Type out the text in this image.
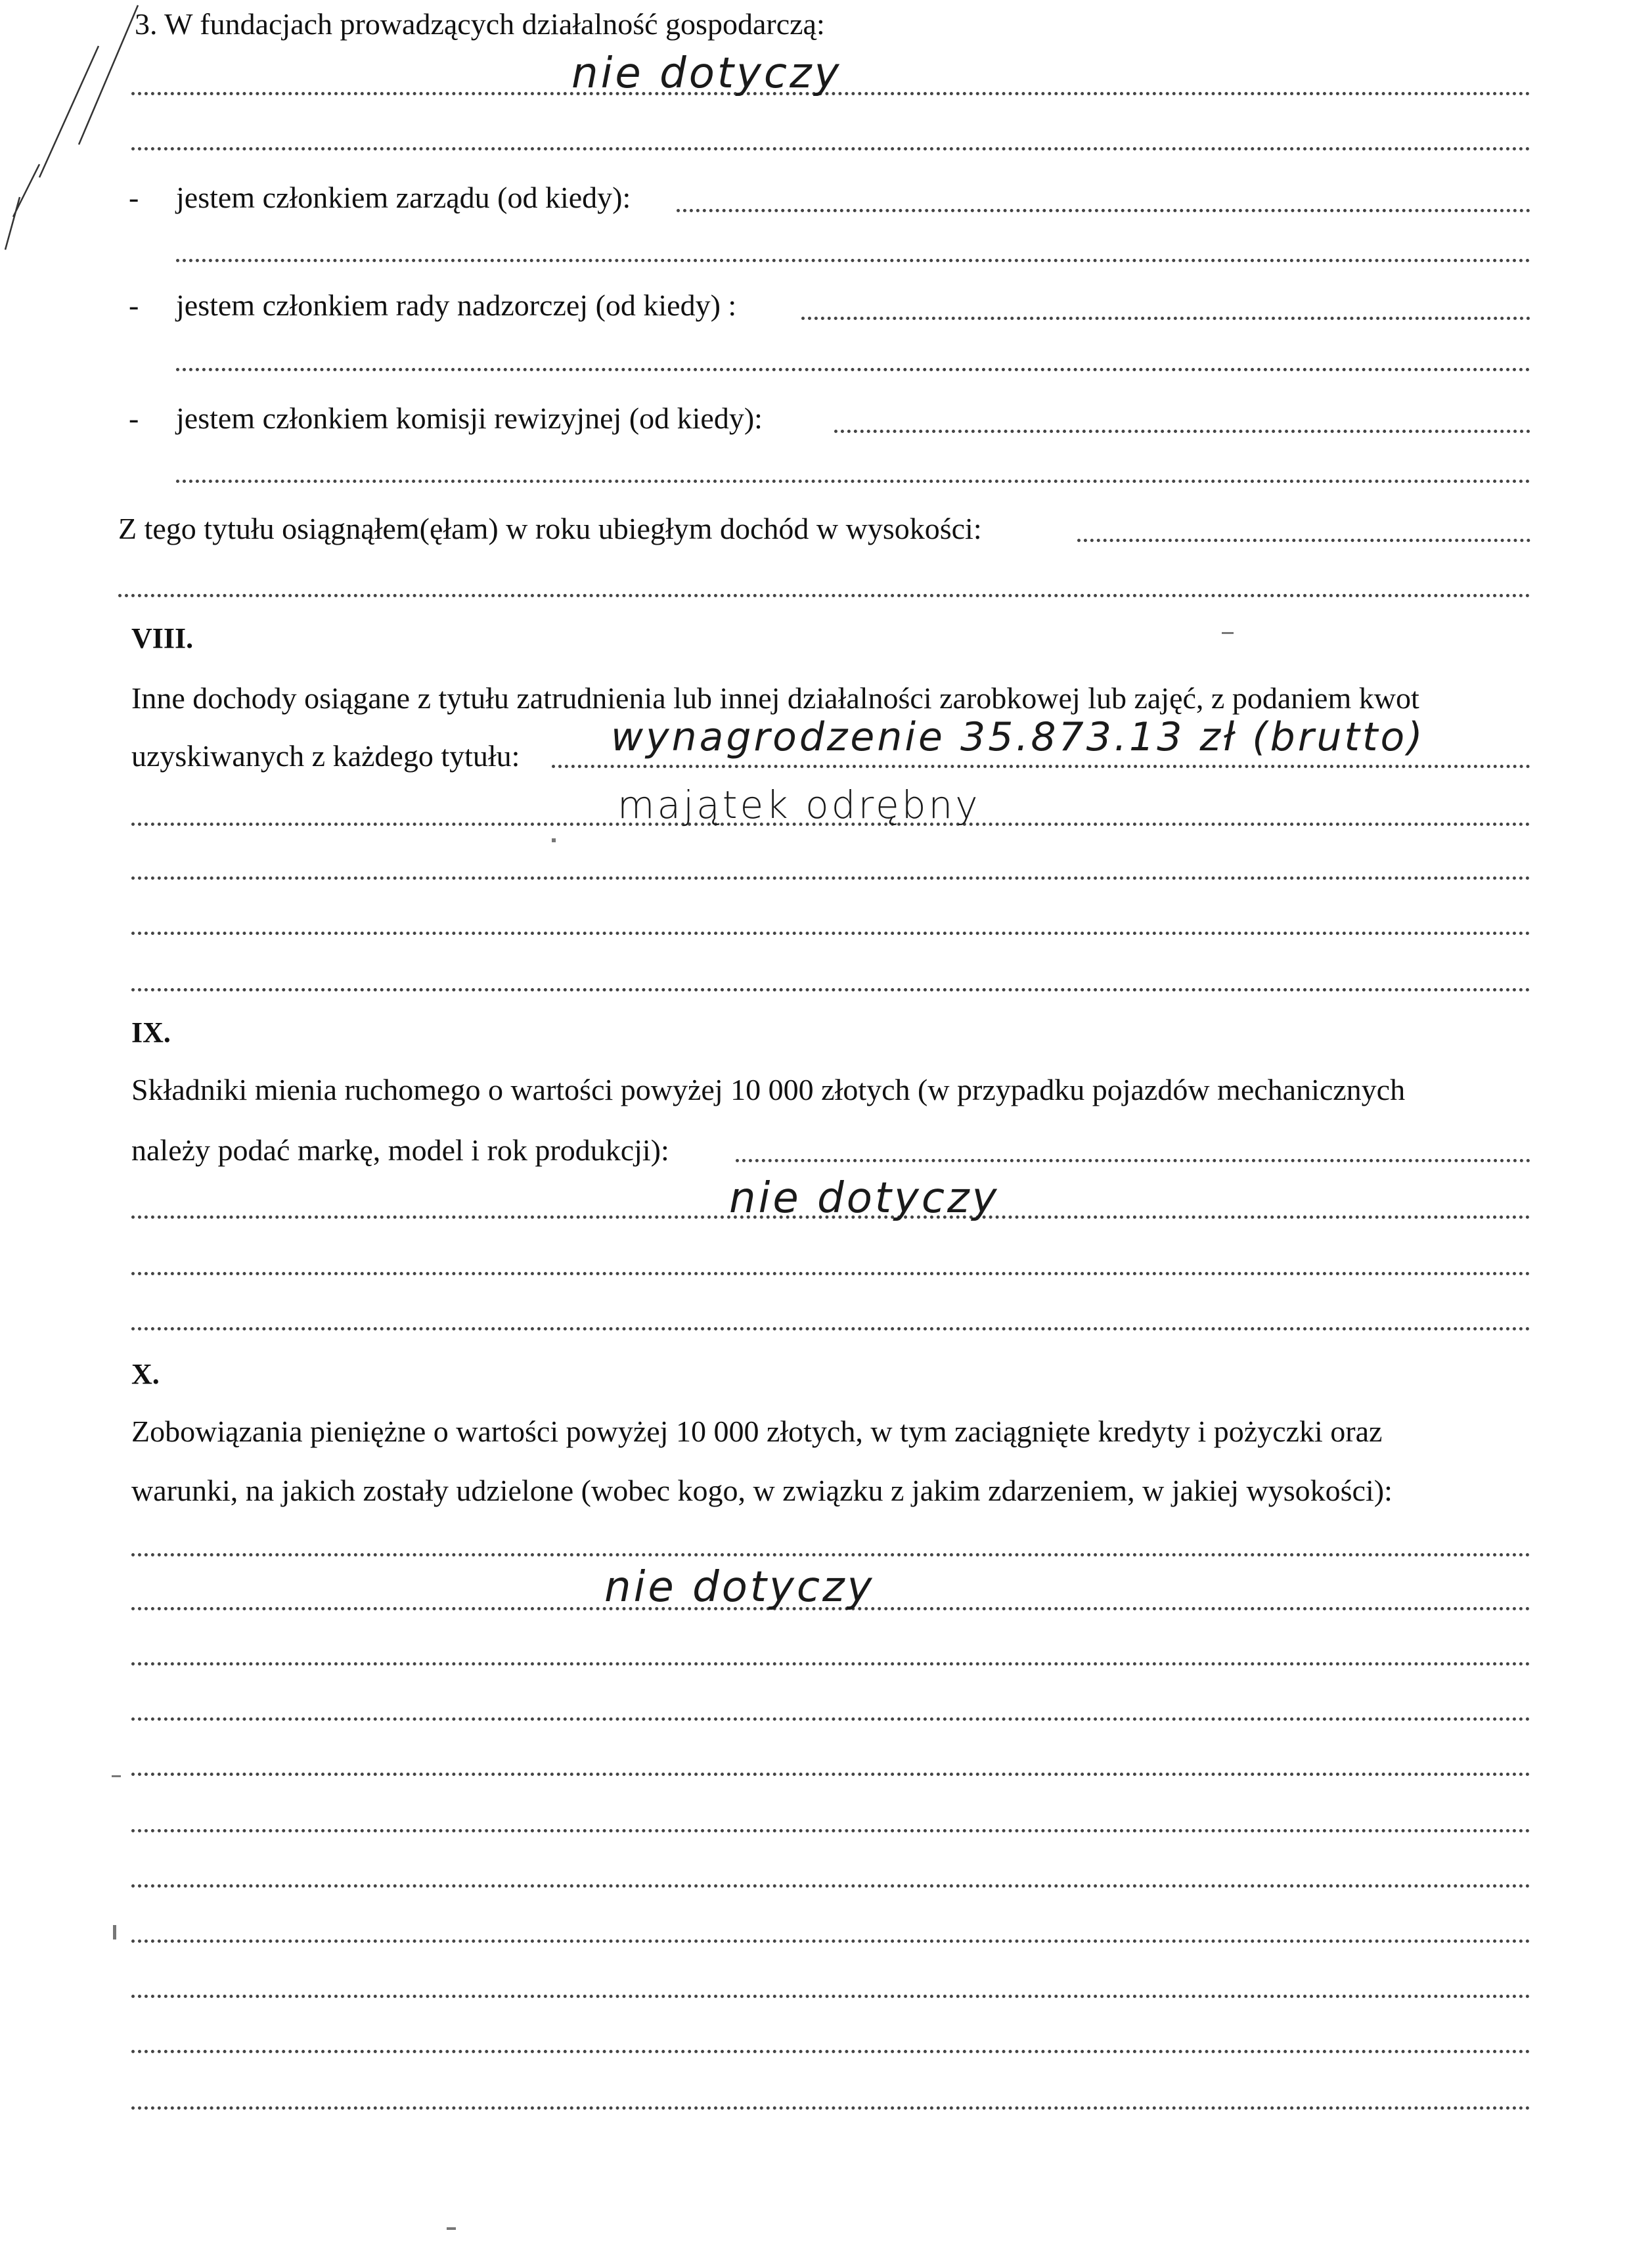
3. W fundacjach prowadzących działalność gospodarczą:
nie dotyczy
- jestem członkiem zarządu (od kiedy):
- jestem członkiem rady nadzorczej (od kiedy) :
- jestem członkiem komisji rewizyjnej (od kiedy):
Z tego tytułu osiągnąłem(ęłam) w roku ubiegłym dochód w wysokości:
VIII.
Inne dochody osiągane z tytułu zatrudnienia lub innej działalności zarobkowej lub zajęć, z podaniem kwot
uzyskiwanych z każdego tytułu: wynagrodzenie 35.873.13 zł (brutto)
majątek odrębny
IX.
Składniki mienia ruchomego o wartości powyżej 10 000 złotych (w przypadku pojazdów mechanicznych
należy podać markę, model i rok produkcji):
nie dotyczy
X.
Zobowiązania pieniężne o wartości powyżej 10 000 złotych, w tym zaciągnięte kredyty i pożyczki oraz
warunki, na jakich zostały udzielone (wobec kogo, w związku z jakim zdarzeniem, w jakiej wysokości):
nie dotyczy
